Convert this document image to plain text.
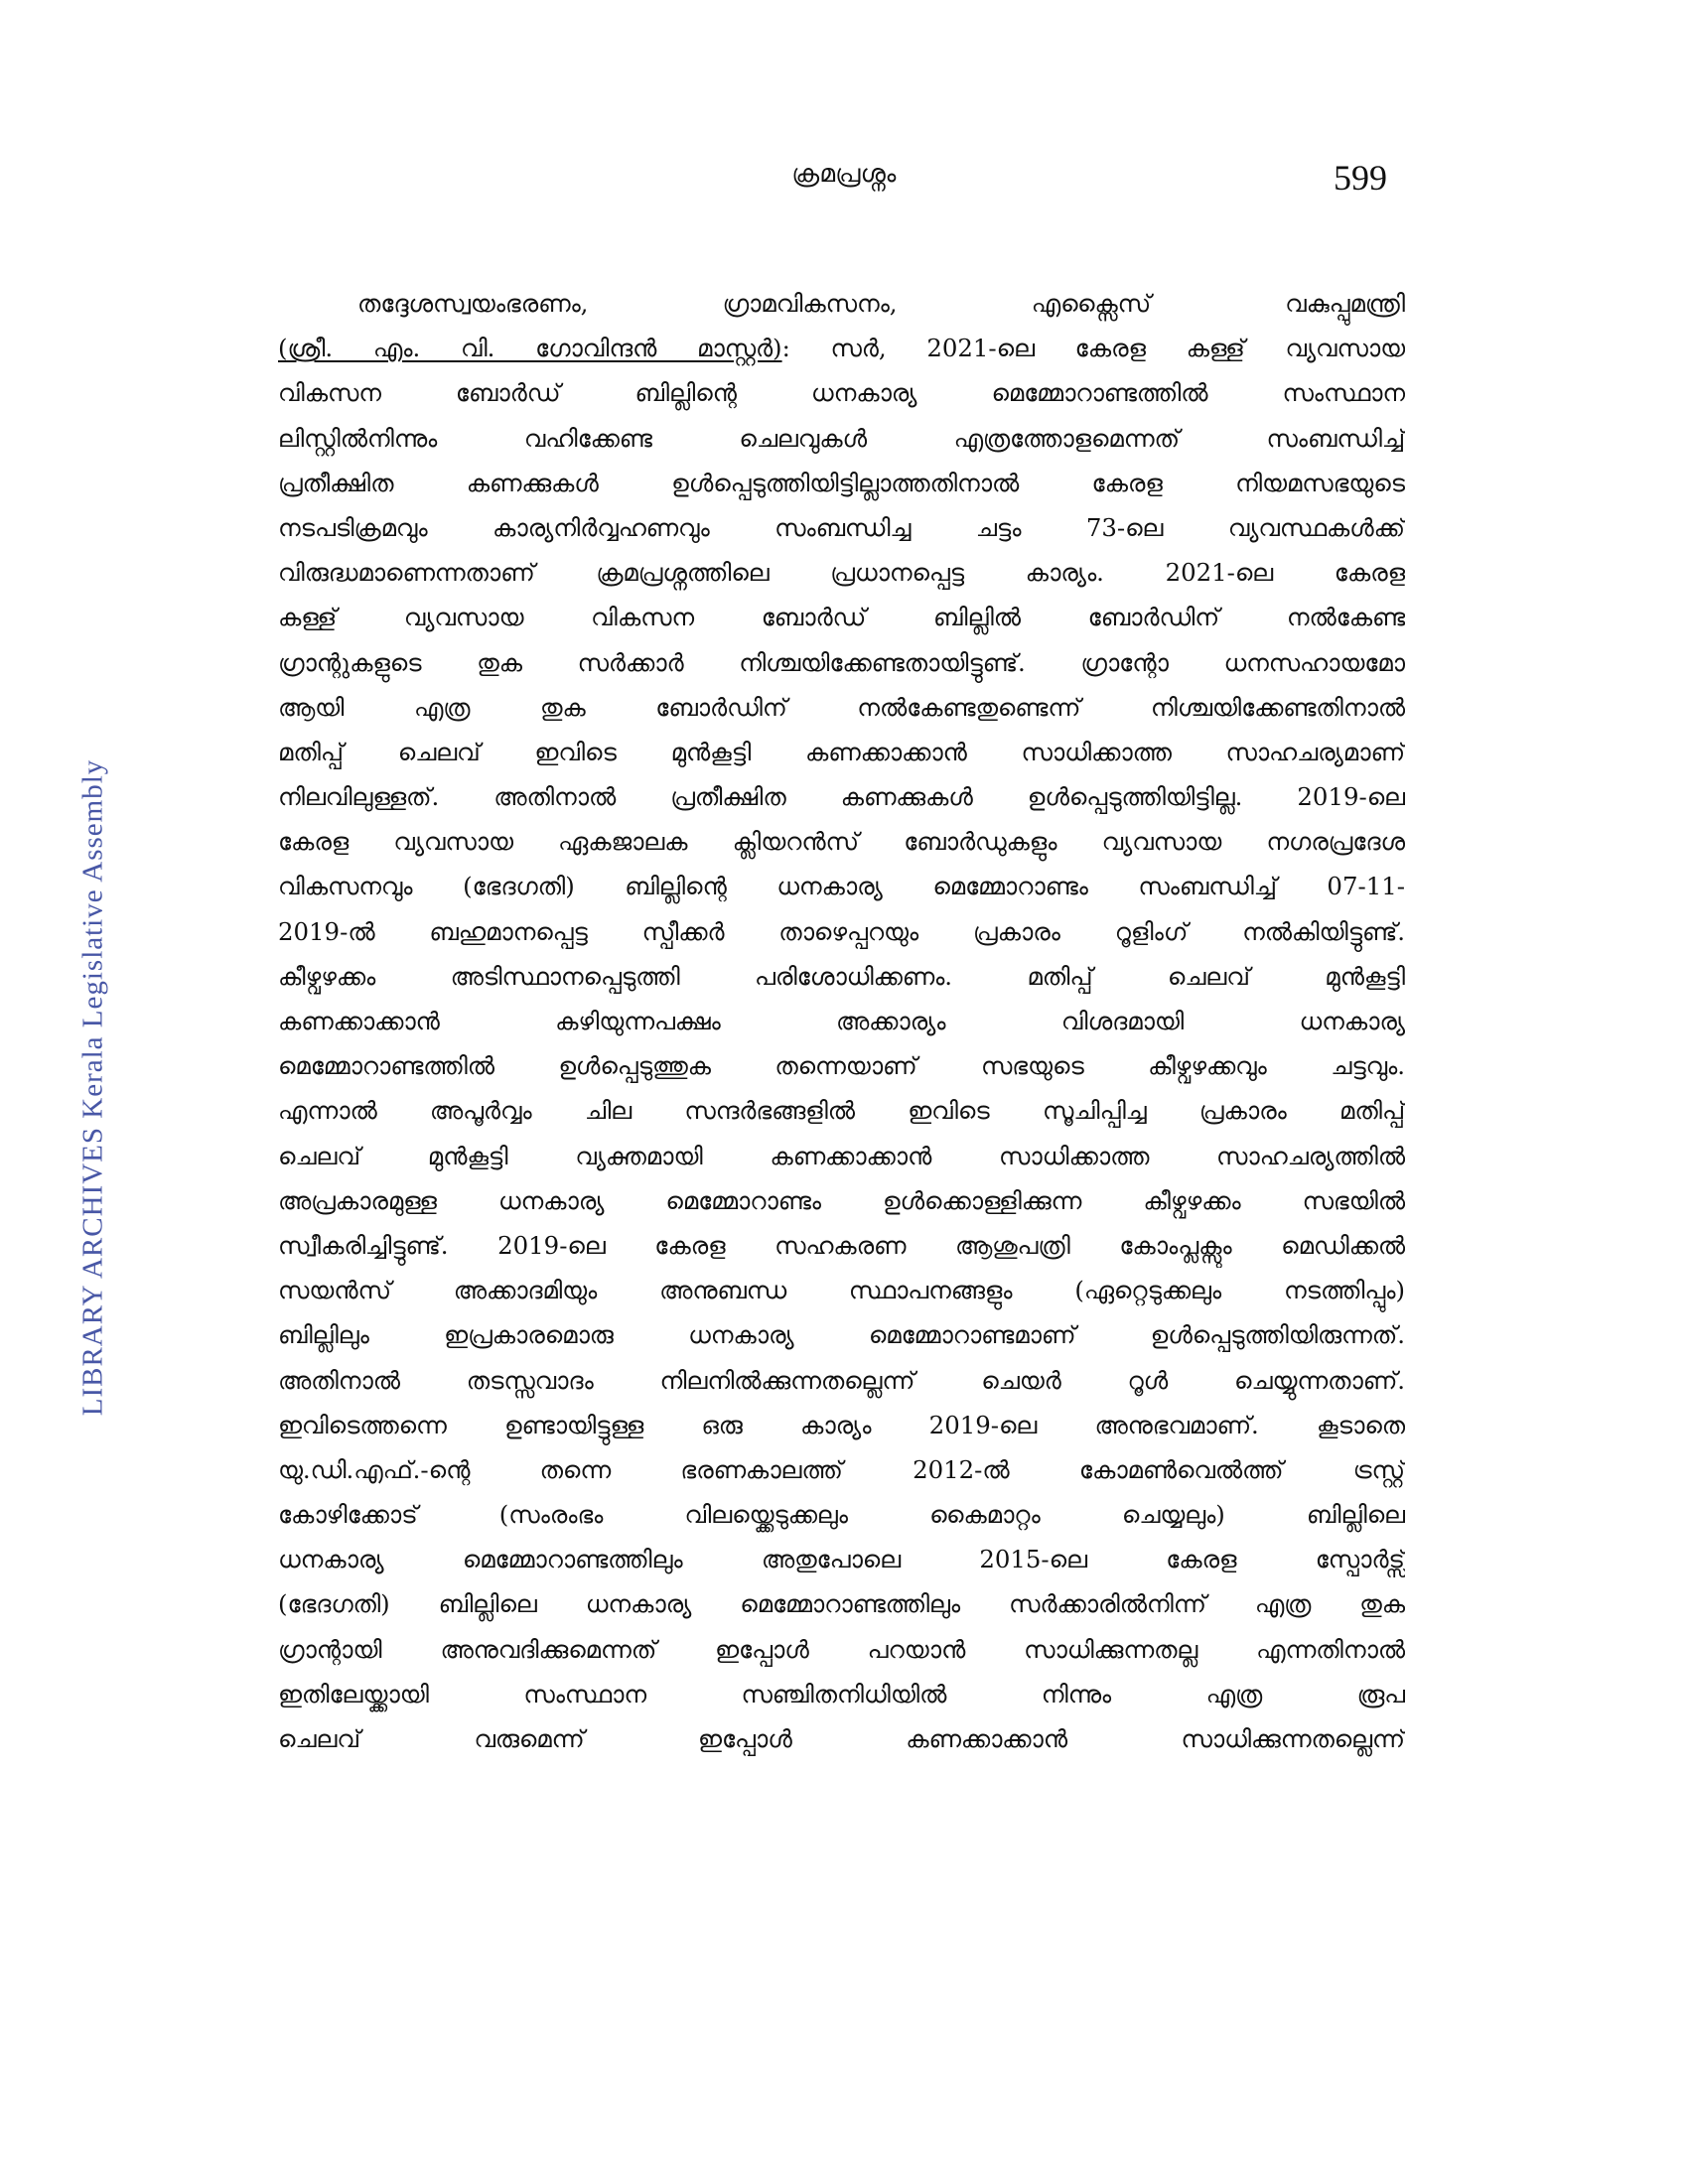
ക്രമപ്രശ്നം	599
LIBRARY ARCHIVES Kerala Legislative Assembly
തദ്ദേശസ്വയംഭരണം, ഗ്രാമവികസനം, എക്സൈസ് വകുപ്പുമന്ത്രി
(ശ്രീ. എം. വി. ഗോവിന്ദൻ മാസ്റ്റർ): സർ, 2021-ലെ കേരള കള്ള് വ്യവസായ
വികസന ബോർഡ് ബില്ലിന്റെ ധനകാര്യ മെമ്മോറാണ്ടത്തിൽ സംസ്ഥാന
ലിസ്റ്റിൽനിന്നും വഹിക്കേണ്ട ചെലവുകൾ എത്രത്തോളമെന്നത് സംബന്ധിച്ച്
പ്രതീക്ഷിത കണക്കുകൾ ഉൾപ്പെടുത്തിയിട്ടില്ലാത്തതിനാൽ കേരള നിയമസഭയുടെ
നടപടിക്രമവും കാര്യനിർവ്വഹണവും സംബന്ധിച്ച ചട്ടം 73-ലെ വ്യവസ്ഥകൾക്ക്
വിരുദ്ധമാണെന്നതാണ് ക്രമപ്രശ്നത്തിലെ പ്രധാനപ്പെട്ട കാര്യം. 2021-ലെ കേരള
കള്ള് വ്യവസായ വികസന ബോർഡ് ബില്ലിൽ ബോർഡിന് നൽകേണ്ട
ഗ്രാന്റുകളുടെ തുക സർക്കാർ നിശ്ചയിക്കേണ്ടതായിട്ടുണ്ട്. ഗ്രാന്റോ ധനസഹായമോ
ആയി എത്ര തുക ബോർഡിന് നൽകേണ്ടതുണ്ടെന്ന് നിശ്ചയിക്കേണ്ടതിനാൽ
മതിപ്പ് ചെലവ് ഇവിടെ മുൻകൂട്ടി കണക്കാക്കാൻ സാധിക്കാത്ത സാഹചര്യമാണ്
നിലവിലുള്ളത്. അതിനാൽ പ്രതീക്ഷിത കണക്കുകൾ ഉൾപ്പെടുത്തിയിട്ടില്ല. 2019-ലെ
കേരള വ്യവസായ ഏകജാലക ക്ലിയറൻസ് ബോർഡുകളും വ്യവസായ നഗരപ്രദേശ
വികസനവും (ഭേദഗതി) ബില്ലിന്റെ ധനകാര്യ മെമ്മോറാണ്ടം സംബന്ധിച്ച് 07-11-
2019-ൽ ബഹുമാനപ്പെട്ട സ്പീക്കർ താഴെപ്പറയും പ്രകാരം റൂളിംഗ് നൽകിയിട്ടുണ്ട്.
കീഴ്വഴക്കം അടിസ്ഥാനപ്പെടുത്തി പരിശോധിക്കണം. മതിപ്പ് ചെലവ് മുൻകൂട്ടി
കണക്കാക്കാൻ കഴിയുന്നപക്ഷം അക്കാര്യം വിശദമായി ധനകാര്യ
മെമ്മോറാണ്ടത്തിൽ ഉൾപ്പെടുത്തുക തന്നെയാണ് സഭയുടെ കീഴ്വഴക്കവും ചട്ടവും.
എന്നാൽ അപൂർവ്വം ചില സന്ദർഭങ്ങളിൽ ഇവിടെ സൂചിപ്പിച്ച പ്രകാരം മതിപ്പ്
ചെലവ് മുൻകൂട്ടി വ്യക്തമായി കണക്കാക്കാൻ സാധിക്കാത്ത സാഹചര്യത്തിൽ
അപ്രകാരമുള്ള ധനകാര്യ മെമ്മോറാണ്ടം ഉൾക്കൊള്ളിക്കുന്ന കീഴ്വഴക്കം സഭയിൽ
സ്വീകരിച്ചിട്ടുണ്ട്. 2019-ലെ കേരള സഹകരണ ആശുപത്രി കോംപ്ലക്സും മെഡിക്കൽ
സയൻസ് അക്കാദമിയും അനുബന്ധ സ്ഥാപനങ്ങളും (ഏറ്റെടുക്കലും നടത്തിപ്പും)
ബില്ലിലും ഇപ്രകാരമൊരു ധനകാര്യ മെമ്മോറാണ്ടമാണ് ഉൾപ്പെടുത്തിയിരുന്നത്.
അതിനാൽ തടസ്സവാദം നിലനിൽക്കുന്നതല്ലെന്ന് ചെയർ റൂൾ ചെയ്യുന്നതാണ്.
ഇവിടെത്തന്നെ ഉണ്ടായിട്ടുള്ള ഒരു കാര്യം 2019-ലെ അനുഭവമാണ്. കൂടാതെ
യു.ഡി.എഫ്.-ന്റെ തന്നെ ഭരണകാലത്ത് 2012-ൽ കോമൺവെൽത്ത് ട്രസ്റ്റ്
കോഴിക്കോട് (സംരംഭം വിലയ്ക്കെടുക്കലും കൈമാറ്റം ചെയ്യലും) ബില്ലിലെ
ധനകാര്യ മെമ്മോറാണ്ടത്തിലും അതുപോലെ 2015-ലെ കേരള സ്പോർട്സ്
(ഭേദഗതി) ബില്ലിലെ ധനകാര്യ മെമ്മോറാണ്ടത്തിലും സർക്കാരിൽനിന്ന് എത്ര തുക
ഗ്രാന്റായി അനുവദിക്കുമെന്നത് ഇപ്പോൾ പറയാൻ സാധിക്കുന്നതല്ല എന്നതിനാൽ
ഇതിലേയ്ക്കായി സംസ്ഥാന സഞ്ചിതനിധിയിൽ നിന്നും എത്ര രൂപ
ചെലവ് വരുമെന്ന് ഇപ്പോൾ കണക്കാക്കാൻ സാധിക്കുന്നതല്ലെന്ന്
